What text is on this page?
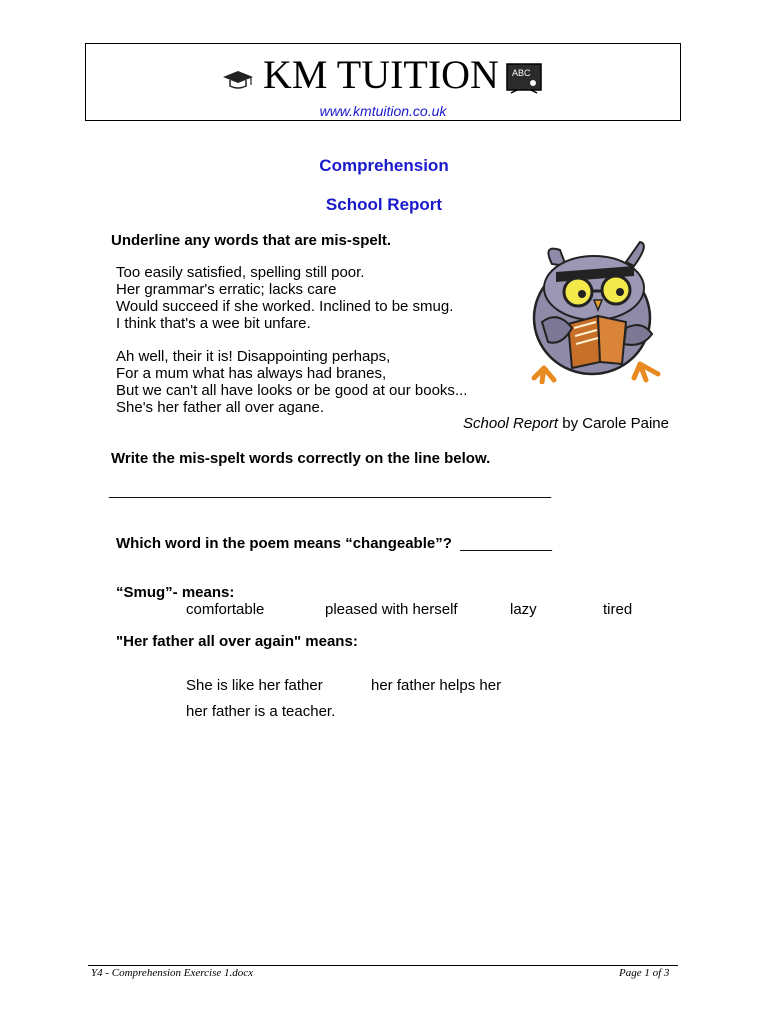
KM TUITION ABC
www.kmtuition.co.uk
Comprehension
School Report
Underline any words that are mis-spelt.
Too easily satisfied, spelling still poor.
Her grammar's erratic; lacks care
Would succeed if she worked. Inclined to be smug.
I think that's a wee bit unfare.
Ah well, their it is! Disappointing perhaps,
For a mum what has always had branes,
But we can't all have looks or be good at our books...
She's her father all over agane.
School Report by Carole Paine
Write the mis-spelt words correctly on the line below.
_____________________________________________________
Which word in the poem means “changeable”? ___________
“Smug”- means:
comfortable	pleased with herself	lazy	tired
"Her father all over again" means:
She is like her father	her father helps her
her father is a teacher.
Y4 - Comprehension Exercise 1.docx	Page 1 of 3
